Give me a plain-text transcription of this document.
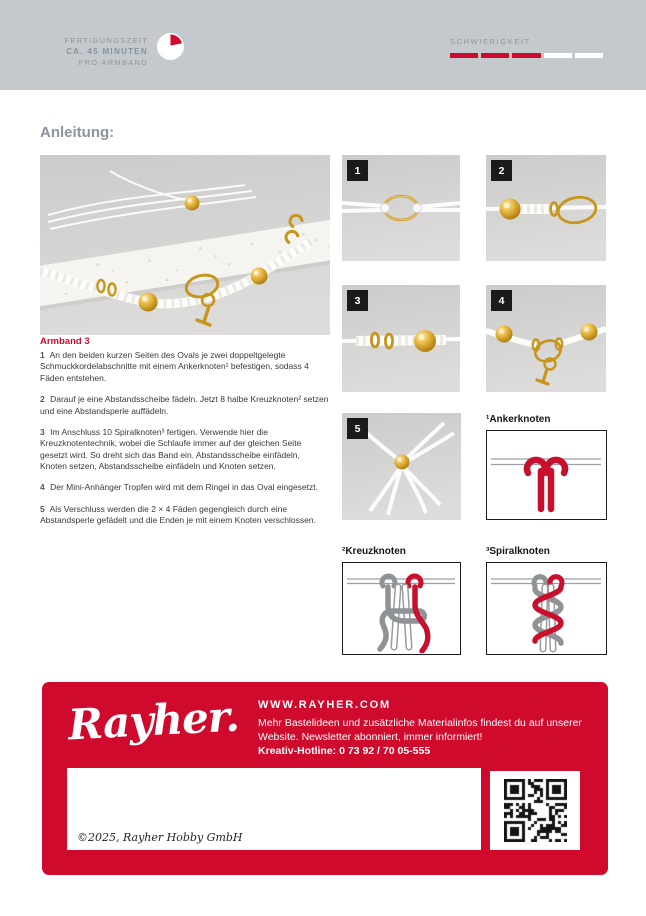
FERTIGUNGSZEIT
CA. 45 MINUTEN
PRO ARMBAND
SCHWIERIGKEIT
Anleitung:
1	2
3	4
5
¹Ankerknoten
²Kreuzknoten	³Spiralknoten
Armband 3

1 An den beiden kurzen Seiten des Ovals je zwei doppeltgelegte Schmuckkordelabschnitte mit einem Ankerknoten¹ befestigen, sodass 4 Fäden entstehen.

2 Darauf je eine Abstandsscheibe fädeln. Jetzt 8 halbe Kreuzknoten² setzen und eine Abstandsperle auffädeln.

3 Im Anschluss 10 Spiralknoten³ fertigen. Verwende hier die Kreuzknotentechnik, wobei die Schlaufe immer auf der gleichen Seite gesetzt wird. So dreht sich das Band ein. Abstandsscheibe einfädeln, Knoten setzen, Abstandsscheibe einfädeln und Knoten setzen.

4 Der Mini-Anhänger Tropfen wird mit dem Ringel in das Oval eingesetzt.

5 Als Verschluss werden die 2 × 4 Fäden gegengleich durch eine Abstandsperle gefädelt und die Enden je mit einem Knoten verschlossen.

Rayher. WWW.RAYHER.COM
Mehr Bastelideen und zusätzliche Materialinfos findest du auf unserer Website. Newsletter abonniert, immer informiert!
Kreativ-Hotline: 0 73 92 / 70 05-555
©2025, Rayher Hobby GmbH
